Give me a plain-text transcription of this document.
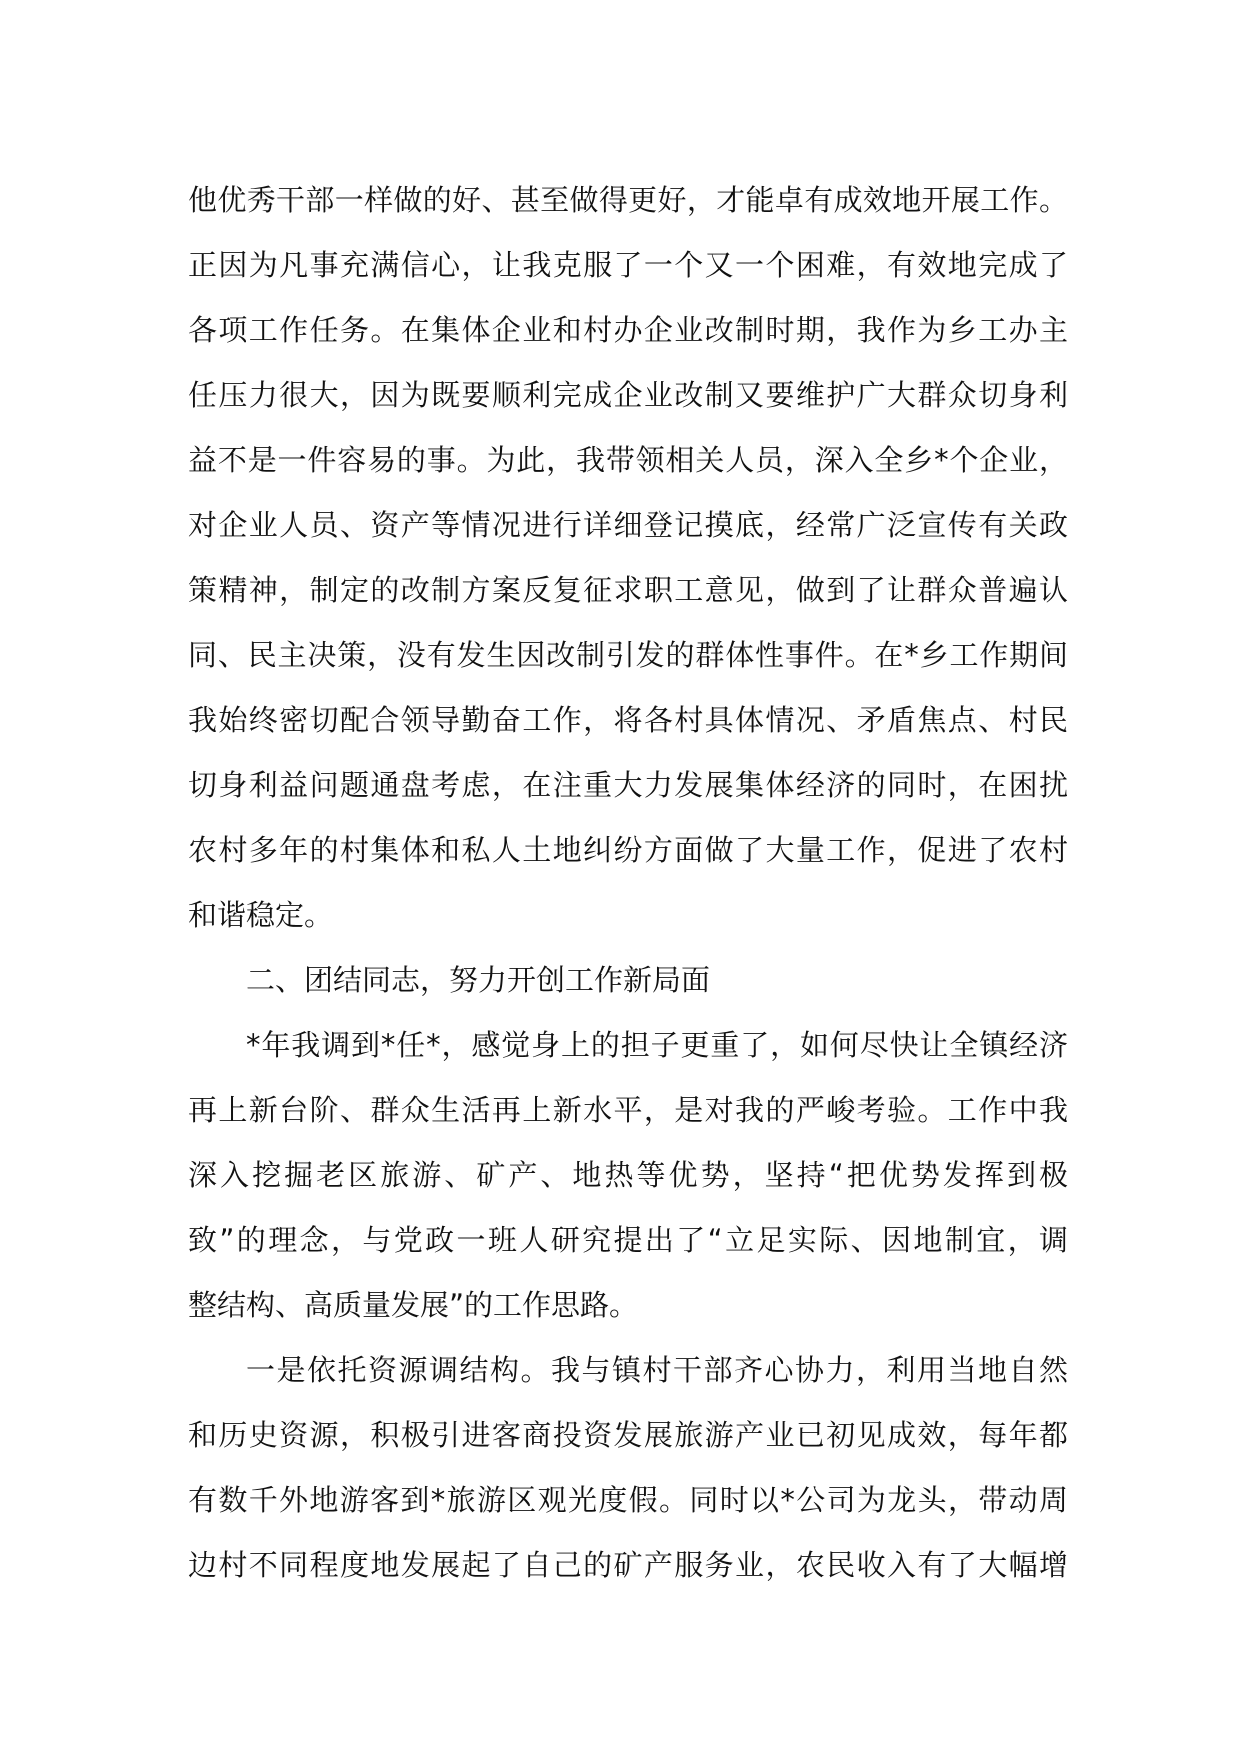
他优秀干部一样做的好、甚至做得更好，才能卓有成效地开展工作。
正因为凡事充满信心，让我克服了一个又一个困难，有效地完成了
各项工作任务。在集体企业和村办企业改制时期，我作为乡工办主
任压力很大，因为既要顺利完成企业改制又要维护广大群众切身利
益不是一件容易的事。为此，我带领相关人员，深入全乡*个企业，
对企业人员、资产等情况进行详细登记摸底，经常广泛宣传有关政
策精神，制定的改制方案反复征求职工意见，做到了让群众普遍认
同、民主决策，没有发生因改制引发的群体性事件。在*乡工作期间
我始终密切配合领导勤奋工作，将各村具体情况、矛盾焦点、村民
切身利益问题通盘考虑，在注重大力发展集体经济的同时，在困扰
农村多年的村集体和私人土地纠纷方面做了大量工作，促进了农村
和谐稳定。
二、团结同志，努力开创工作新局面
*年我调到*任*，感觉身上的担子更重了，如何尽快让全镇经济
再上新台阶、群众生活再上新水平，是对我的严峻考验。工作中我
深入挖掘老区旅游、矿产、地热等优势，坚持“把优势发挥到极
致”的理念，与党政一班人研究提出了“立足实际、因地制宜，调
整结构、高质量发展”的工作思路。
一是依托资源调结构。我与镇村干部齐心协力，利用当地自然
和历史资源，积极引进客商投资发展旅游产业已初见成效，每年都
有数千外地游客到*旅游区观光度假。同时以*公司为龙头，带动周
边村不同程度地发展起了自己的矿产服务业，农民收入有了大幅增
